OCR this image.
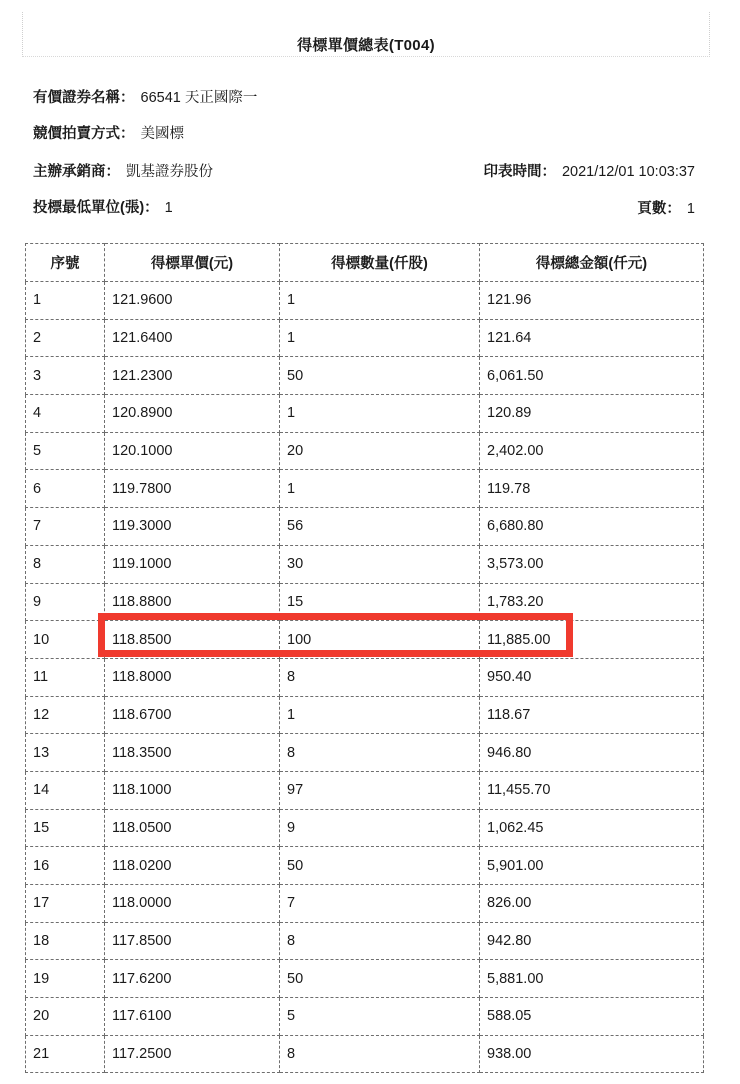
得標單價總表(T004)
有價證券名稱： 66541 天正國際一
競價拍賣方式： 美國標
主辦承銷商： 凱基證券股份	印表時間： 2021/12/01 10:03:37
投標最低單位(張)： 1	頁數： 1
序號	得標單價(元)	得標數量(仟股)	得標總金額(仟元)
1	121.9600	1	121.96
2	121.6400	1	121.64
3	121.2300	50	6,061.50
4	120.8900	1	120.89
5	120.1000	20	2,402.00
6	119.7800	1	119.78
7	119.3000	56	6,680.80
8	119.1000	30	3,573.00
9	118.8800	15	1,783.20
10	118.8500	100	11,885.00
11	118.8000	8	950.40
12	118.6700	1	118.67
13	118.3500	8	946.80
14	118.1000	97	11,455.70
15	118.0500	9	1,062.45
16	118.0200	50	5,901.00
17	118.0000	7	826.00
18	117.8500	8	942.80
19	117.6200	50	5,881.00
20	117.6100	5	588.05
21	117.2500	8	938.00
